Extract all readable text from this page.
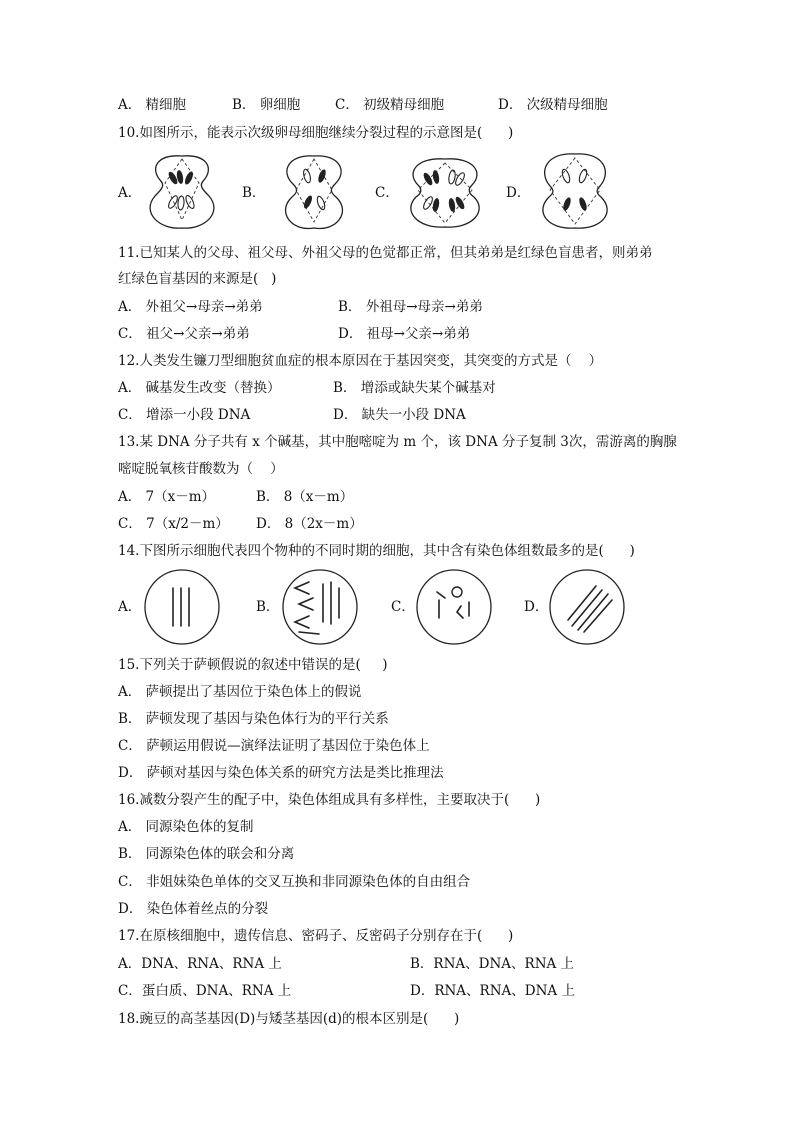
A． 精细胞	B． 卵细胞	C． 初级精母细胞	D． 次级精母细胞
10.如图所示，能表示次级卵母细胞继续分裂过程的示意图是(      )
A．	B．	C．	D．
11.已知某人的父母、祖父母、外祖父母的色觉都正常，但其弟弟是红绿色盲患者，则弟弟
红绿色盲基因的来源是(   )
A． 外祖父→母亲→弟弟	B． 外祖母→母亲→弟弟
C． 祖父→父亲→弟弟	D． 祖母→父亲→弟弟
12.人类发生镰刀型细胞贫血症的根本原因在于基因突变，其突变的方式是（    ）
A． 碱基发生改变（替换）	B． 增添或缺失某个碱基对
C． 增添一小段 DNA	D． 缺失一小段 DNA
13.某 DNA 分子共有 x 个碱基，其中胞嘧啶为 m 个，该 DNA 分子复制 3次，需游离的胸腺
嘧啶脱氧核苷酸数为（    ）
A． 7（x－m）	B． 8（x－m）
C． 7（x/2－m） D． 8（2x－m）
14.下图所示细胞代表四个物种的不同时期的细胞，其中含有染色体组数最多的是(      )
A．	B．	C．	D．
15.下列关于萨顿假说的叙述中错误的是(     )
A． 萨顿提出了基因位于染色体上的假说
B． 萨顿发现了基因与染色体行为的平行关系
C． 萨顿运用假说—演绎法证明了基因位于染色体上
D． 萨顿对基因与染色体关系的研究方法是类比推理法
16.减数分裂产生的配子中，染色体组成具有多样性，主要取决于(      )
A． 同源染色体的复制
B． 同源染色体的联会和分离
C． 非姐妹染色单体的交叉互换和非同源染色体的自由组合
D． 染色体着丝点的分裂
17.在原核细胞中，遗传信息、密码子、反密码子分别存在于(      )
A．DNA、RNA、RNA 上	B．RNA、DNA、RNA 上
C．蛋白质、DNA、RNA 上	D．RNA、RNA、DNA 上
18.豌豆的高茎基因(D)与矮茎基因(d)的根本区别是(      )
